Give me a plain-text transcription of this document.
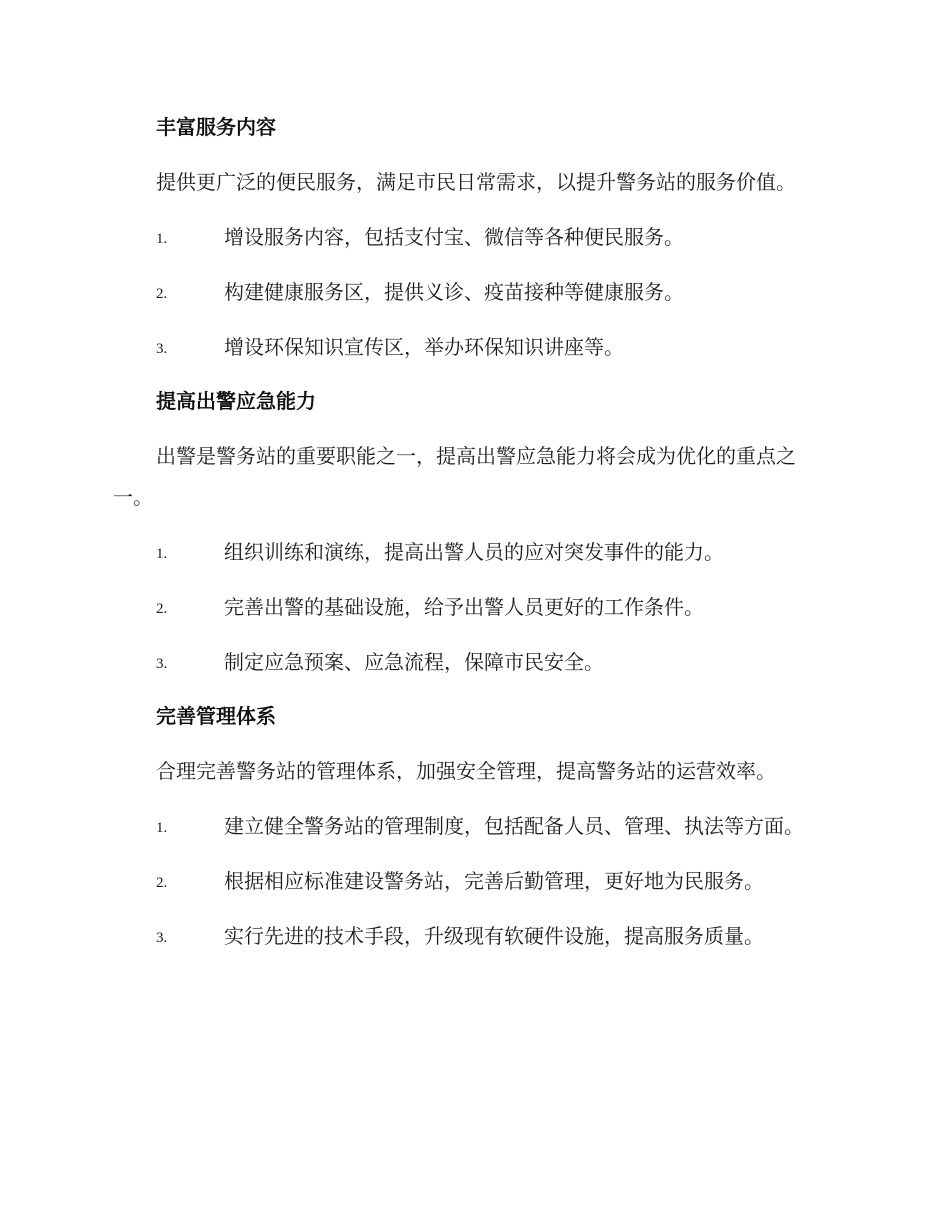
丰富服务内容
提供更广泛的便民服务，满足市民日常需求，以提升警务站的服务价值。
1.	增设服务内容，包括支付宝、微信等各种便民服务。
2.	构建健康服务区，提供义诊、疫苗接种等健康服务。
3.	增设环保知识宣传区，举办环保知识讲座等。
提高出警应急能力
出警是警务站的重要职能之一，提高出警应急能力将会成为优化的重点之一。
1.	组织训练和演练，提高出警人员的应对突发事件的能力。
2.	完善出警的基础设施，给予出警人员更好的工作条件。
3.	制定应急预案、应急流程，保障市民安全。
完善管理体系
合理完善警务站的管理体系，加强安全管理，提高警务站的运营效率。
1.	建立健全警务站的管理制度，包括配备人员、管理、执法等方面。
2.	根据相应标准建设警务站，完善后勤管理，更好地为民服务。
3.	实行先进的技术手段，升级现有软硬件设施，提高服务质量。
